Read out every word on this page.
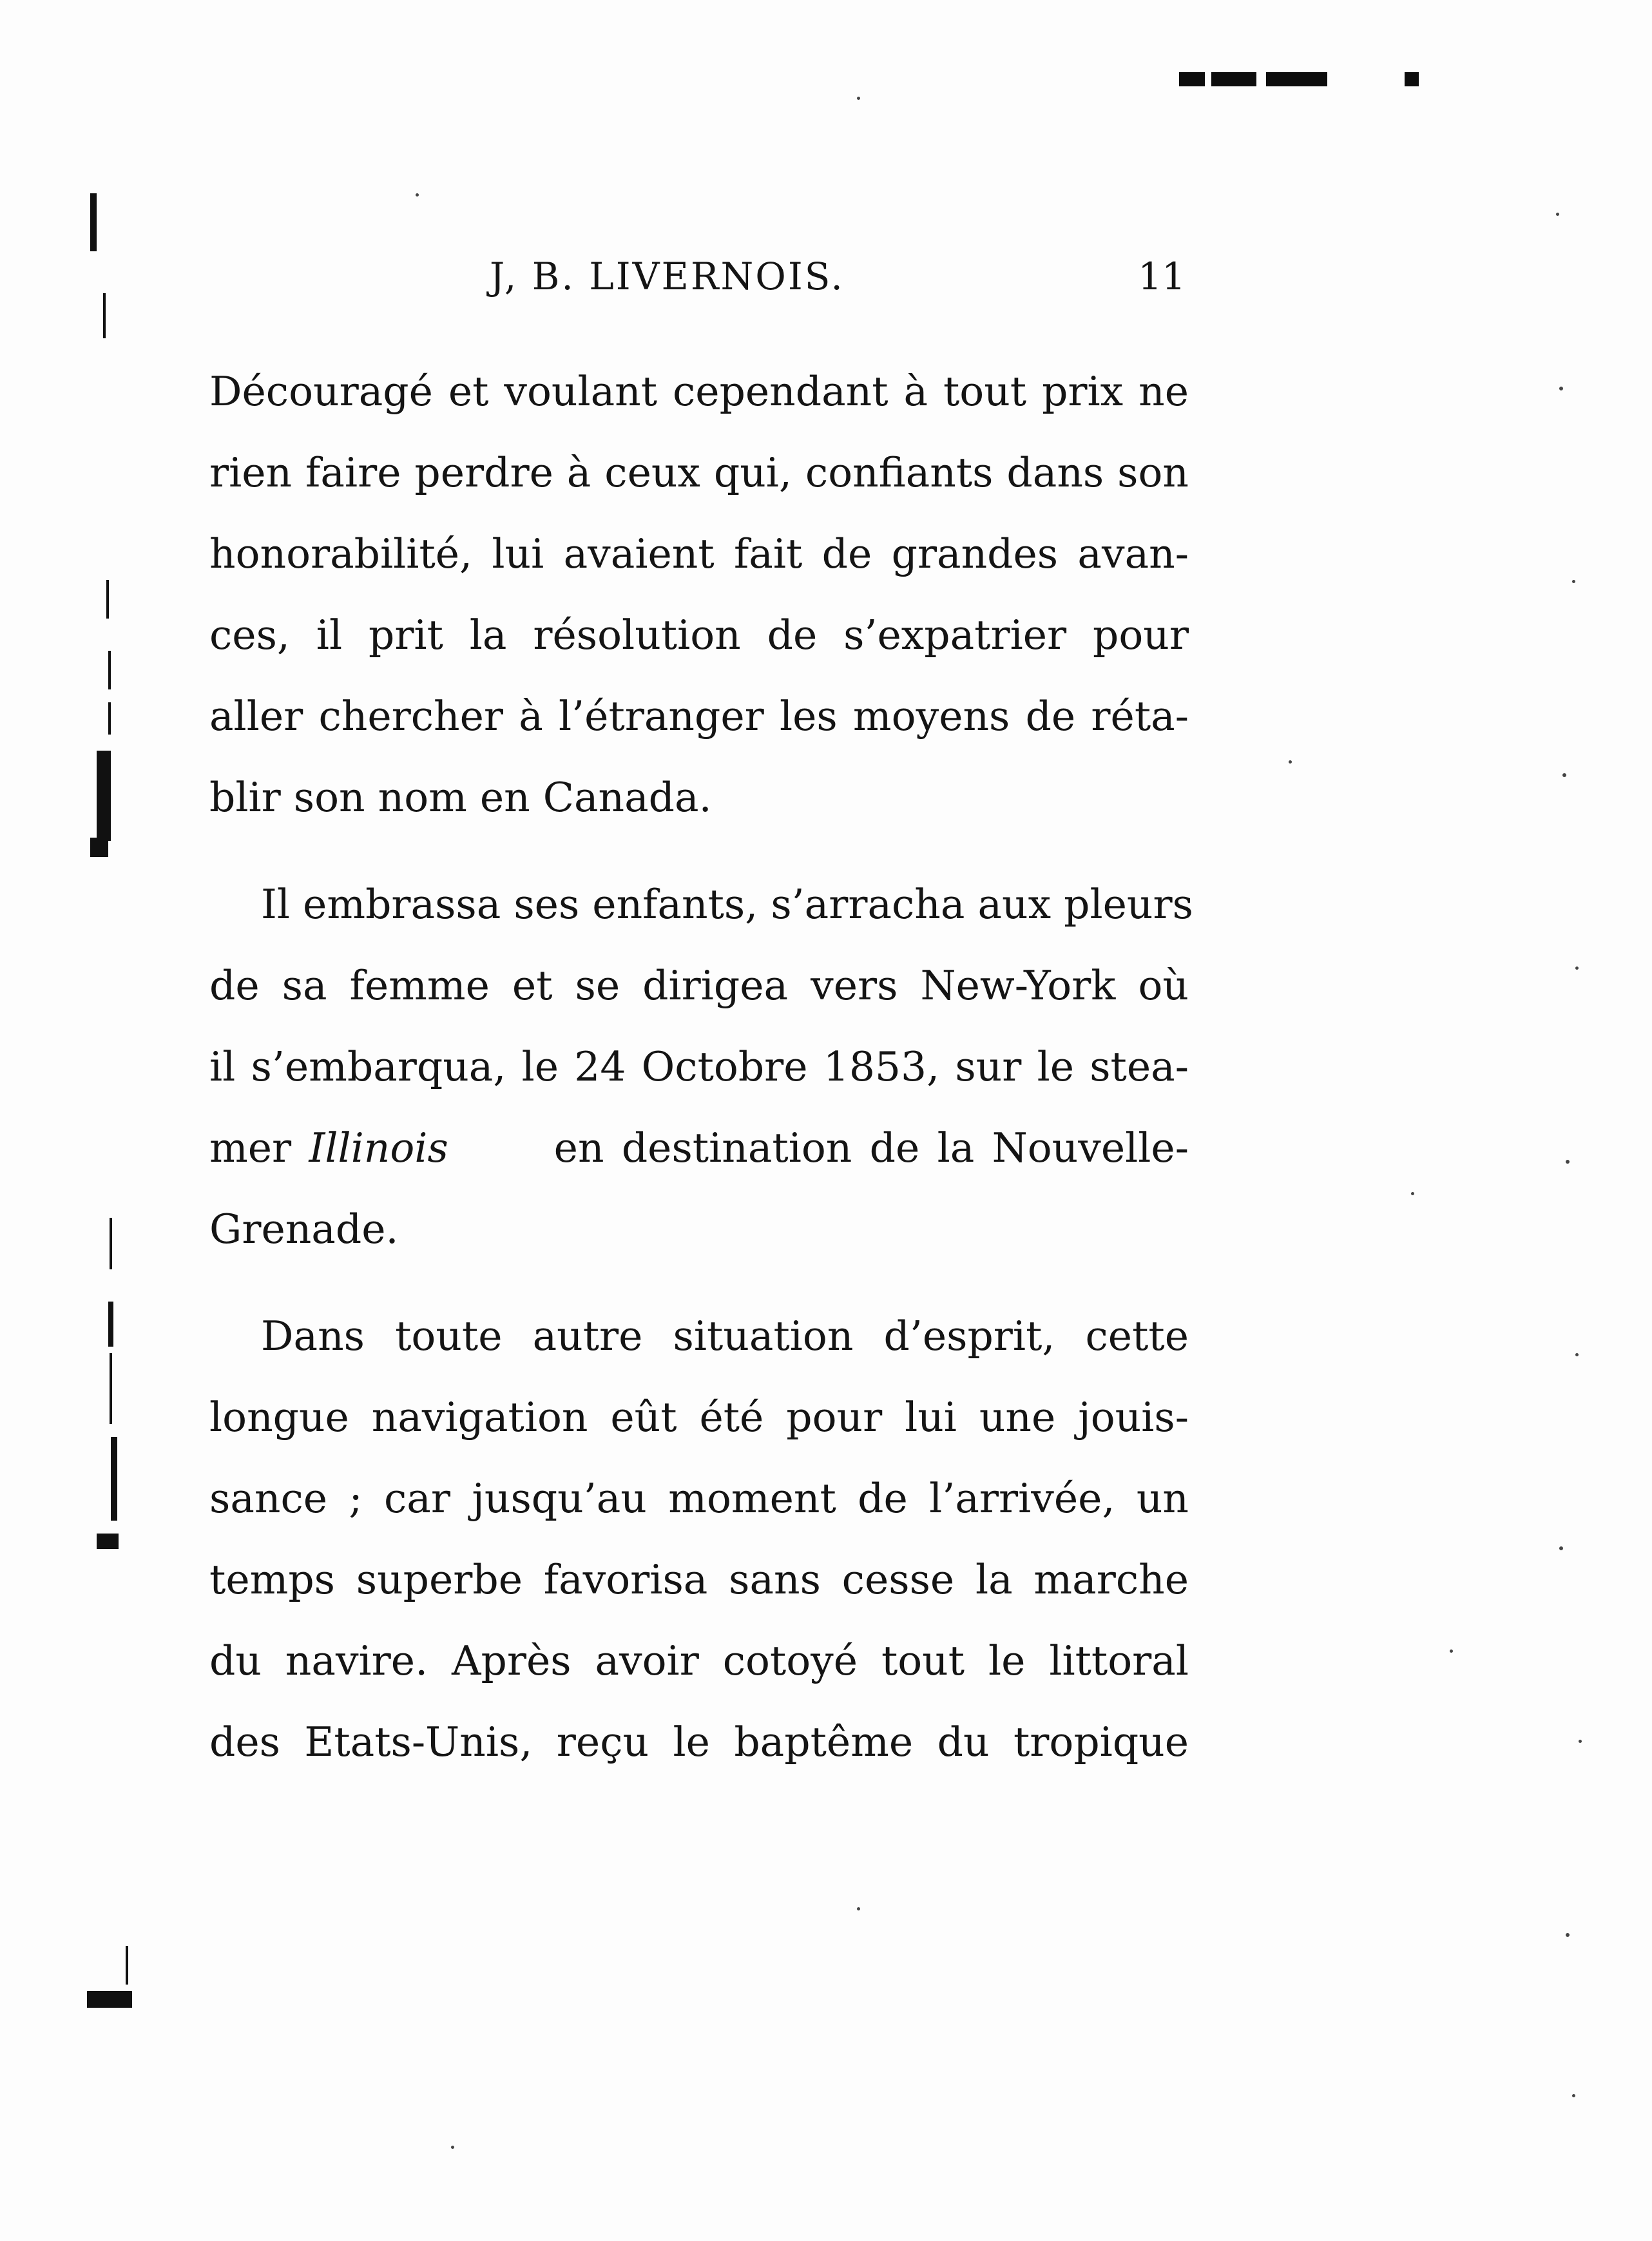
J, B. LIVERNOIS.	11
Découragé et voulant cependant à tout prix ne
rien faire perdre à ceux qui, confiants dans son
honorabilité, lui avaient fait de grandes avan-
ces, il prit la résolution de s’expatrier pour
aller chercher à l’étranger les moyens de réta-
blir son nom en Canada.
Il embrassa ses enfants, s’arracha aux pleurs
de sa femme et se dirigea vers New-York où
il s’embarqua, le 24 Octobre 1853, sur le stea-
mer Illinois	en destination de la Nouvelle-
Grenade.
Dans toute autre situation d’esprit, cette
longue navigation eût été pour lui une jouis-
sance ; car jusqu’au moment de l’arrivée, un
temps superbe favorisa sans cesse la marche
du navire. Après avoir cotoyé tout le littoral
des Etats-Unis, reçu le baptême du tropique
